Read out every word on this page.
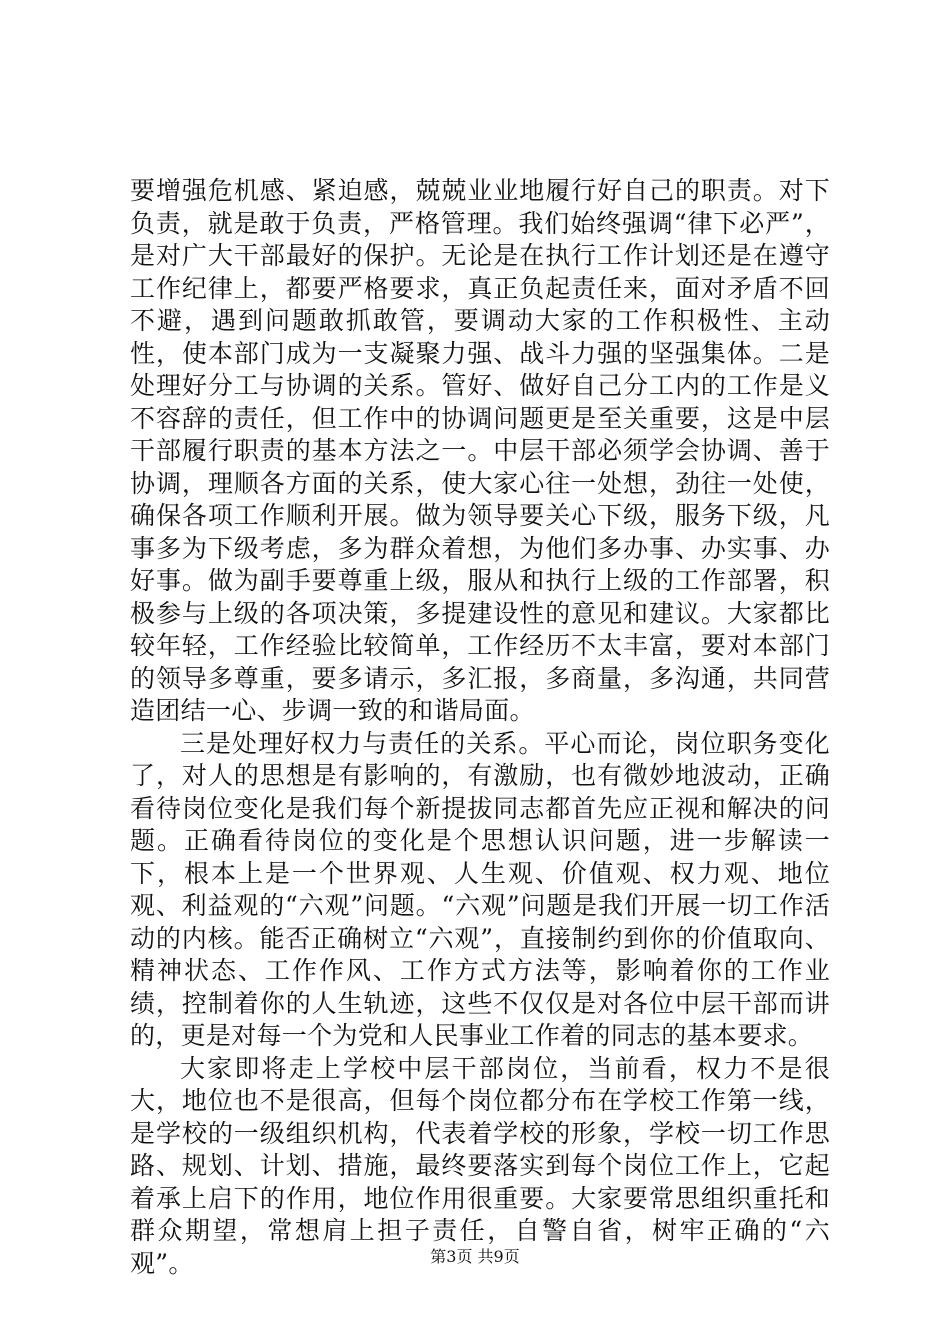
要增强危机感、紧迫感，兢兢业业地履行好自己的职责。对下负责，就是敢于负责，严格管理。我们始终强调“律下必严”，是对广大干部最好的保护。无论是在执行工作计划还是在遵守工作纪律上，都要严格要求，真正负起责任来，面对矛盾不回不避，遇到问题敢抓敢管，要调动大家的工作积极性、主动性，使本部门成为一支凝聚力强、战斗力强的坚强集体。二是处理好分工与协调的关系。管好、做好自己分工内的工作是义不容辞的责任，但工作中的协调问题更是至关重要，这是中层干部履行职责的基本方法之一。中层干部必须学会协调、善于协调，理顺各方面的关系，使大家心往一处想，劲往一处使，确保各项工作顺利开展。做为领导要关心下级，服务下级，凡事多为下级考虑，多为群众着想，为他们多办事、办实事、办好事。做为副手要尊重上级，服从和执行上级的工作部署，积极参与上级的各项决策，多提建设性的意见和建议。大家都比较年轻，工作经验比较简单，工作经历不太丰富，要对本部门的领导多尊重，要多请示，多汇报，多商量，多沟通，共同营造团结一心、步调一致的和谐局面。

三是处理好权力与责任的关系。平心而论，岗位职务变化了，对人的思想是有影响的，有激励，也有微妙地波动，正确看待岗位变化是我们每个新提拔同志都首先应正视和解决的问题。正确看待岗位的变化是个思想认识问题，进一步解读一下，根本上是一个世界观、人生观、价值观、权力观、地位观、利益观的“六观”问题。“六观”问题是我们开展一切工作活动的内核。能否正确树立“六观”，直接制约到你的价值取向、精神状态、工作作风、工作方式方法等，影响着你的工作业绩，控制着你的人生轨迹，这些不仅仅是对各位中层干部而讲的，更是对每一个为党和人民事业工作着的同志的基本要求。

大家即将走上学校中层干部岗位，当前看，权力不是很大，地位也不是很高，但每个岗位都分布在学校工作第一线，是学校的一级组织机构，代表着学校的形象，学校一切工作思路、规划、计划、措施，最终要落实到每个岗位工作上，它起着承上启下的作用，地位作用很重要。大家要常思组织重托和群众期望，常想肩上担子责任，自警自省，树牢正确的“六观”。	第3页 共9页
